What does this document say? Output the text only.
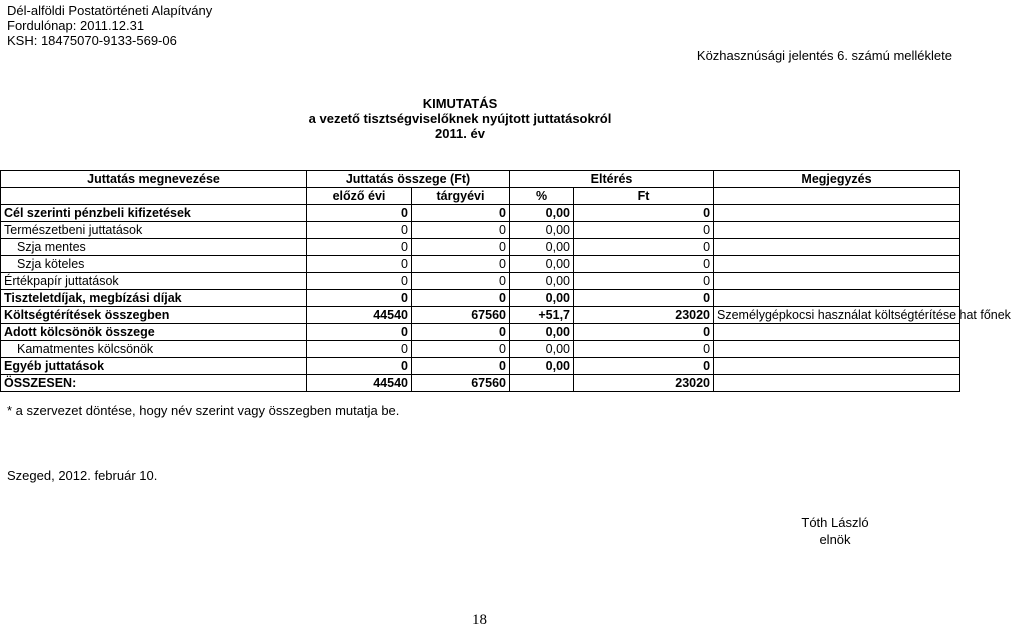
Dél-alföldi Postatörténeti Alapítvány
Fordulónap: 2011.12.31
KSH: 18475070-9133-569-06
Közhasznúsági jelentés 6. számú melléklete
KIMUTATÁS
a vezető tisztségviselőknek nyújtott juttatásokról
2011. év
Juttatás megnevezése	Juttatás összege (Ft)		Eltérés		Megjegyzés
	előző évi	tárgyévi	%	Ft	
Cél szerinti pénzbeli kifizetések	0	0	0,00	0	
Természetbeni juttatások	0	0	0,00	0	
Szja mentes	0	0	0,00	0	
Szja köteles	0	0	0,00	0	
Értékpapír juttatások	0	0	0,00	0	
Tiszteletdíjak, megbízási díjak	0	0	0,00	0	
Költségtérítések összegben	44540	67560	+51,7	23020	Személygépkocsi használat költségtérítése hat főnek
Adott kölcsönök összege	0	0	0,00	0	
Kamatmentes kölcsönök	0	0	0,00	0	
Egyéb juttatások	0	0	0,00	0	
ÖSSZESEN:	44540	67560		23020	
* a szervezet döntése, hogy név szerint vagy összegben mutatja be.
Szeged, 2012. február 10.
Tóth László
elnök
18
